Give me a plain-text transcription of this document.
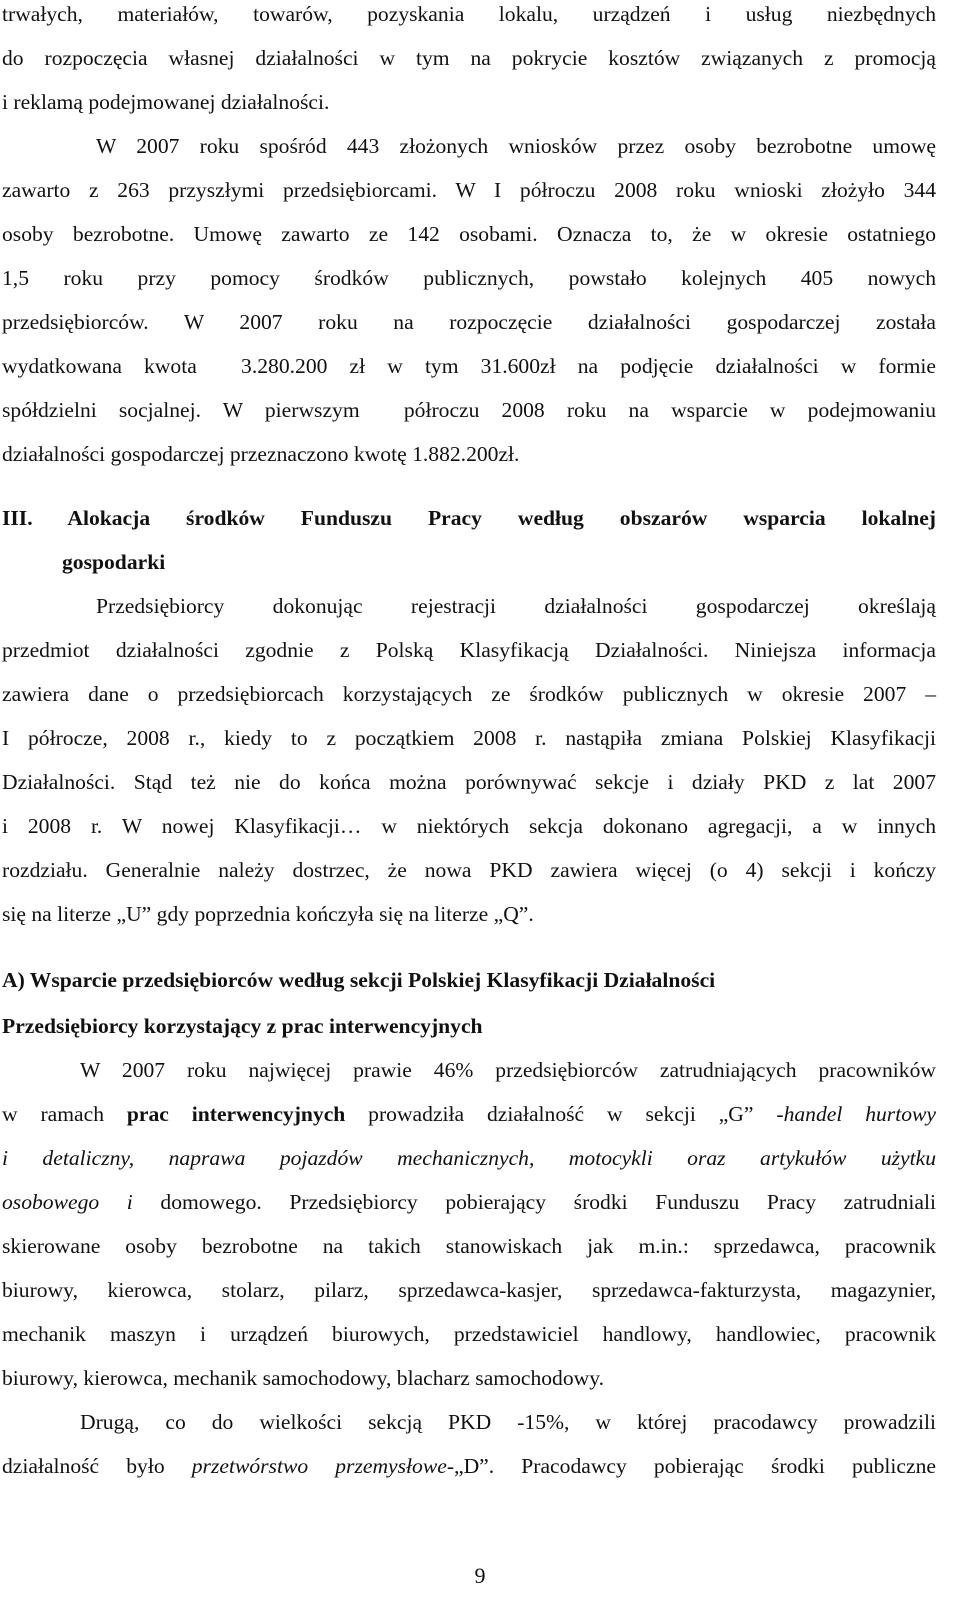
trwałych, materiałów, towarów, pozyskania lokalu, urządzeń i usług niezbędnych
do rozpoczęcia własnej działalności w tym na pokrycie kosztów związanych z promocją
i reklamą podejmowanej działalności.
W 2007 roku spośród 443 złożonych wniosków przez osoby bezrobotne umowę
zawarto z 263 przyszłymi przedsiębiorcami. W I półroczu 2008 roku wnioski złożyło 344
osoby bezrobotne. Umowę zawarto ze 142 osobami. Oznacza to, że w okresie ostatniego
1,5 roku przy pomocy środków publicznych, powstało kolejnych 405 nowych
przedsiębiorców. W 2007 roku na rozpoczęcie działalności gospodarczej została
wydatkowana kwota  3.280.200 zł w tym 31.600zł na podjęcie działalności w formie
spółdzielni socjalnej. W pierwszym  półroczu 2008 roku na wsparcie w podejmowaniu
działalności gospodarczej przeznaczono kwotę 1.882.200zł.
III. Alokacja środków Funduszu Pracy według obszarów wsparcia lokalnej
gospodarki
Przedsiębiorcy dokonując rejestracji działalności gospodarczej określają
przedmiot działalności zgodnie z Polską Klasyfikacją Działalności. Niniejsza informacja
zawiera dane o przedsiębiorcach korzystających ze środków publicznych w okresie 2007 –
I półrocze, 2008 r., kiedy to z początkiem 2008 r. nastąpiła zmiana Polskiej Klasyfikacji
Działalności. Stąd też nie do końca można porównywać sekcje i działy PKD z lat 2007
i 2008 r. W nowej Klasyfikacji… w niektórych sekcja dokonano agregacji, a w innych
rozdziału. Generalnie należy dostrzec, że nowa PKD zawiera więcej (o 4) sekcji i kończy
się na literze „U” gdy poprzednia kończyła się na literze „Q”.
A) Wsparcie przedsiębiorców według sekcji Polskiej Klasyfikacji Działalności
Przedsiębiorcy korzystający z prac interwencyjnych
W 2007 roku najwięcej prawie 46% przedsiębiorców zatrudniających pracowników
w ramach prac interwencyjnych prowadziła działalność w sekcji „G” -handel hurtowy
i detaliczny, naprawa pojazdów mechanicznych, motocykli oraz artykułów użytku
osobowego i domowego. Przedsiębiorcy pobierający środki Funduszu Pracy zatrudniali
skierowane osoby bezrobotne na takich stanowiskach jak m.in.: sprzedawca, pracownik
biurowy, kierowca, stolarz, pilarz, sprzedawca-kasjer, sprzedawca-fakturzysta, magazynier,
mechanik maszyn i urządzeń biurowych, przedstawiciel handlowy, handlowiec, pracownik
biurowy, kierowca, mechanik samochodowy, blacharz samochodowy.
Drugą, co do wielkości sekcją PKD -15%, w której pracodawcy prowadzili
działalność było przetwórstwo przemysłowe-„D”. Pracodawcy pobierając środki publiczne
9
